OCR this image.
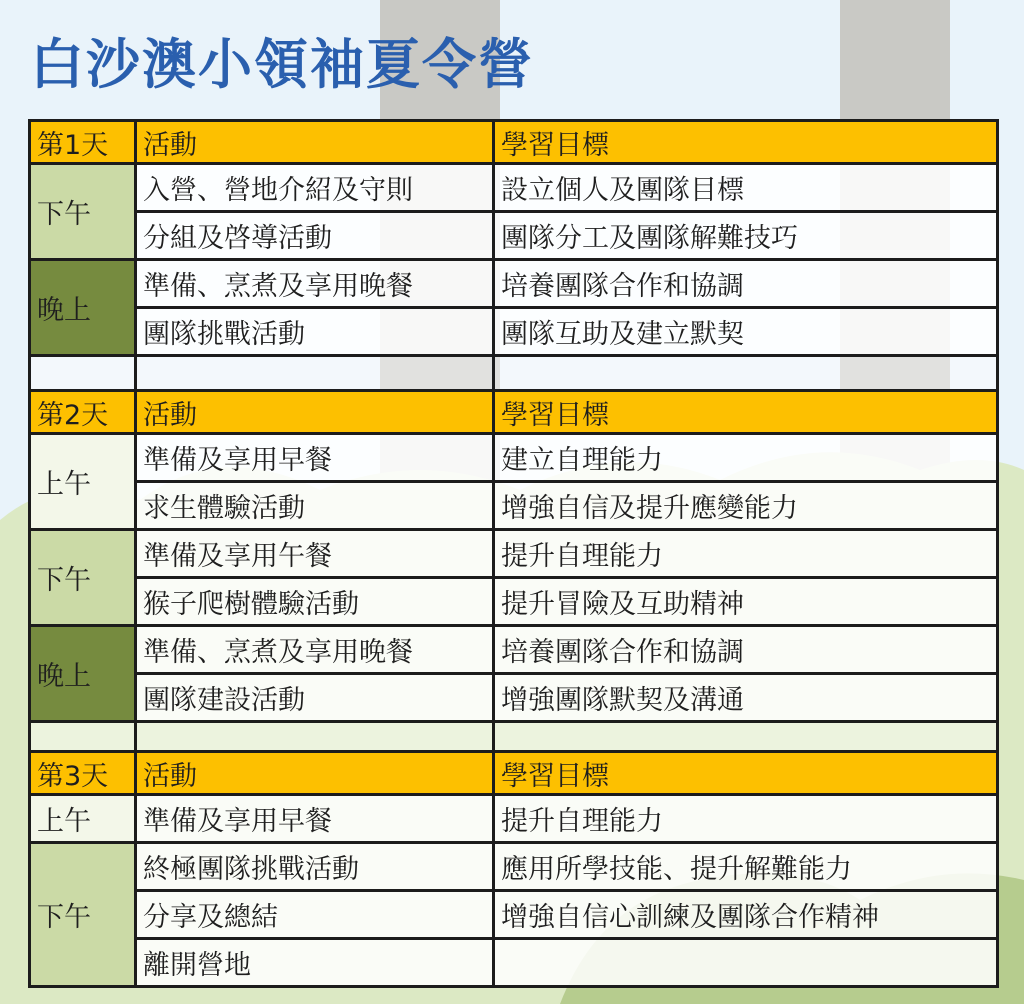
白沙澳小領袖夏令營
第1天	活動	學習目標
下午	入營、營地介紹及守則	設立個人及團隊目標
	分組及啓導活動	團隊分工及團隊解難技巧
晚上	準備、烹煮及享用晚餐	培養團隊合作和協調
	團隊挑戰活動	團隊互助及建立默契

第2天	活動	學習目標
上午	準備及享用早餐	建立自理能力
	求生體驗活動	增強自信及提升應變能力
下午	準備及享用午餐	提升自理能力
	猴子爬樹體驗活動	提升冒險及互助精神
晚上	準備、烹煮及享用晚餐	培養團隊合作和協調
	團隊建設活動	增強團隊默契及溝通

第3天	活動	學習目標
上午	準備及享用早餐	提升自理能力
下午	終極團隊挑戰活動	應用所學技能、提升解難能力
	分享及總結	增強自信心訓練及團隊合作精神
	離開營地	
